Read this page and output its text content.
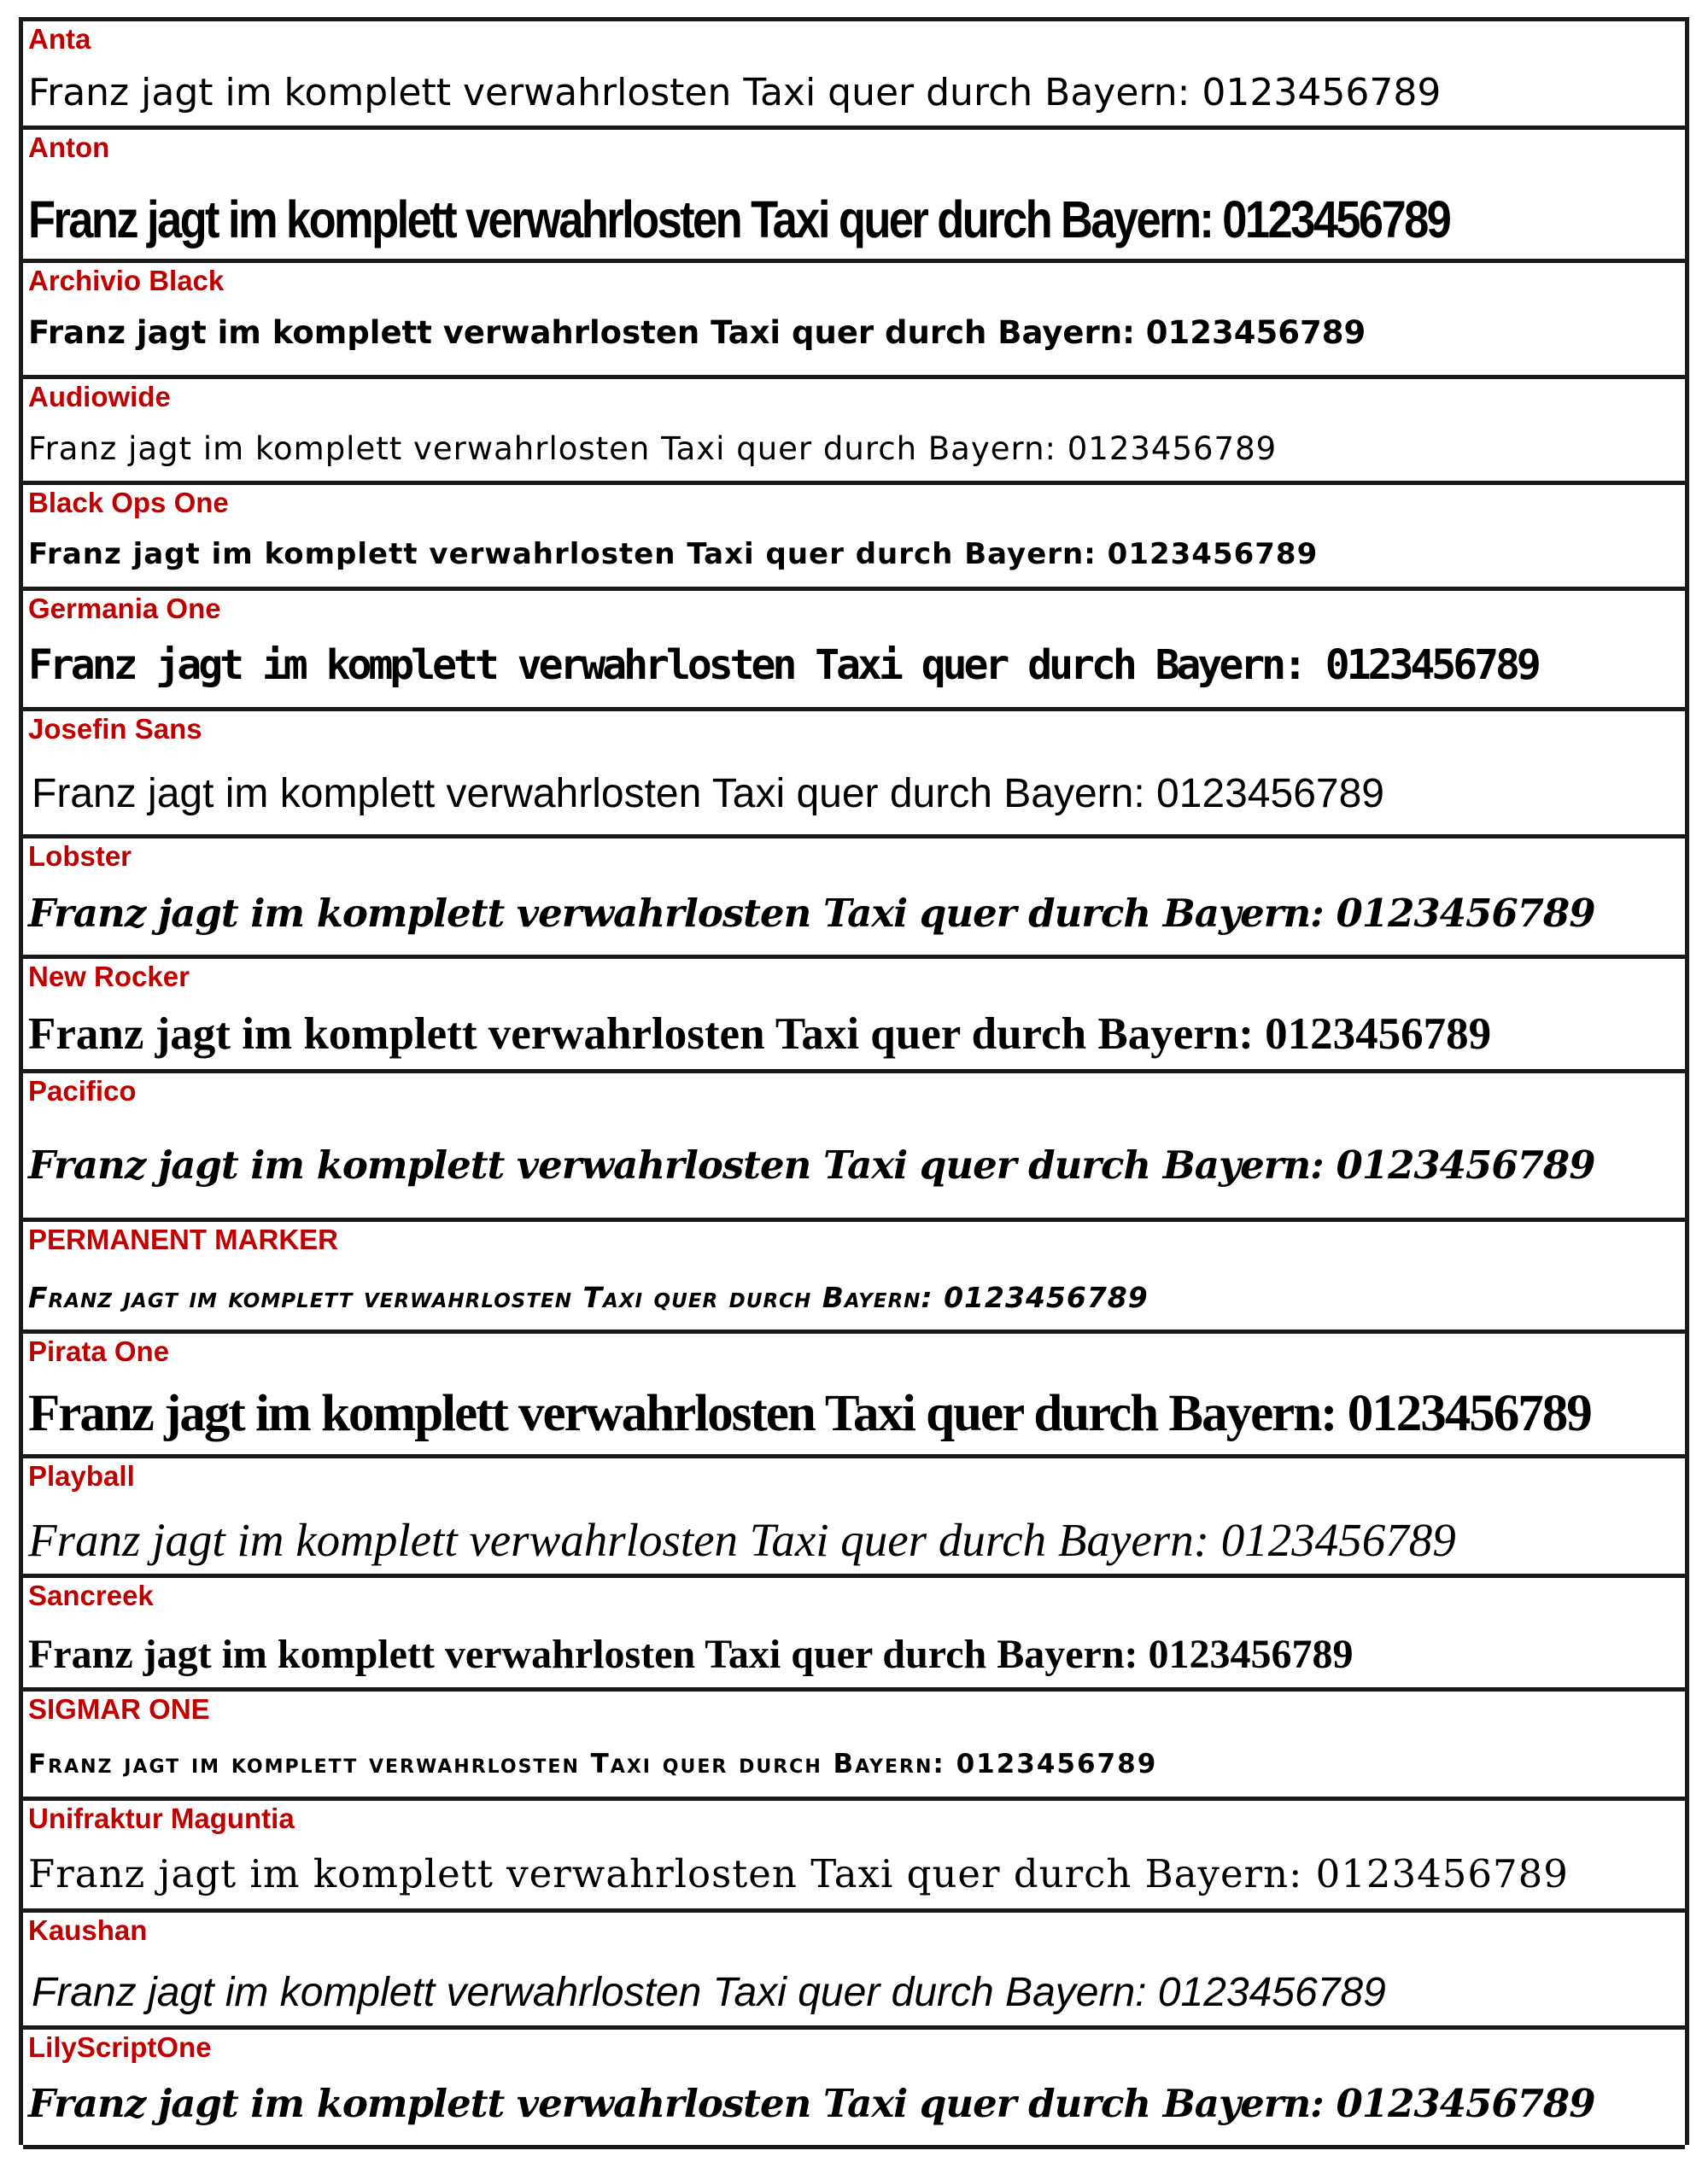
Anta
Franz jagt im komplett verwahrlosten Taxi quer durch Bayern: 0123456789
Anton
Franz jagt im komplett verwahrlosten Taxi quer durch Bayern: 0123456789
Archivio Black
Franz jagt im komplett verwahrlosten Taxi quer durch Bayern: 0123456789
Audiowide
Franz jagt im komplett verwahrlosten Taxi quer durch Bayern: 0123456789
Black Ops One
Franz jagt im komplett verwahrlosten Taxi quer durch Bayern: 0123456789
Germania One
Franz jagt im komplett verwahrlosten Taxi quer durch Bayern: 0123456789
Josefin Sans
Franz jagt im komplett verwahrlosten Taxi quer durch Bayern: 0123456789
Lobster
Franz jagt im komplett verwahrlosten Taxi quer durch Bayern: 0123456789
New Rocker
Franz jagt im komplett verwahrlosten Taxi quer durch Bayern: 0123456789
Pacifico
Franz jagt im komplett verwahrlosten Taxi quer durch Bayern: 0123456789
PERMANENT MARKER
Franz jagt im komplett verwahrlosten Taxi quer durch Bayern: 0123456789
Pirata One
Franz jagt im komplett verwahrlosten Taxi quer durch Bayern: 0123456789
Playball
Franz jagt im komplett verwahrlosten Taxi quer durch Bayern: 0123456789
Sancreek
Franz jagt im komplett verwahrlosten Taxi quer durch Bayern: 0123456789
SIGMAR ONE
Franz jagt im komplett verwahrlosten Taxi quer durch Bayern: 0123456789
Unifraktur Maguntia
Franz jagt im komplett verwahrlosten Taxi quer durch Bayern: 0123456789
Kaushan
Franz jagt im komplett verwahrlosten Taxi quer durch Bayern: 0123456789
LilyScriptOne
Franz jagt im komplett verwahrlosten Taxi quer durch Bayern: 0123456789
